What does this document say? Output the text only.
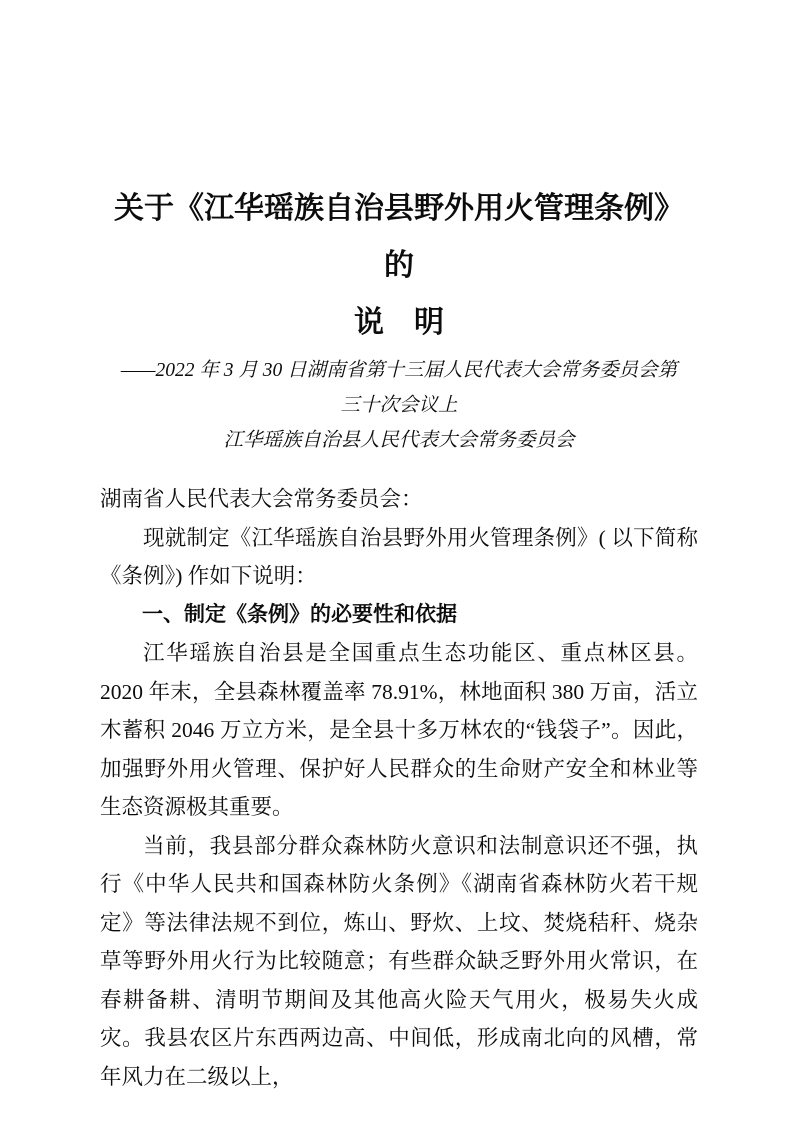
关于《江华瑶族自治县野外用火管理条例》的
说　明

——2022 年 3 月 30 日湖南省第十三届人民代表大会常务委员会第三十次会议上

江华瑶族自治县人民代表大会常务委员会

湖南省人民代表大会常务委员会：

现就制定《江华瑶族自治县野外用火管理条例》( 以下简称《条例》) 作如下说明：

一、制定《条例》的必要性和依据

江华瑶族自治县是全国重点生态功能区、重点林区县。2020 年末，全县森林覆盖率 78.91%，林地面积 380 万亩，活立木蓄积 2046 万立方米，是全县十多万林农的“钱袋子”。因此，加强野外用火管理、保护好人民群众的生命财产安全和林业等生态资源极其重要。

当前，我县部分群众森林防火意识和法制意识还不强，执行《中华人民共和国森林防火条例》《湖南省森林防火若干规定》等法律法规不到位，炼山、野炊、上坟、焚烧秸秆、烧杂草等野外用火行为比较随意；有些群众缺乏野外用火常识，在春耕备耕、清明节期间及其他高火险天气用火，极易失火成灾。我县农区片东西两边高、中间低，形成南北向的风槽，常年风力在二级以上，
